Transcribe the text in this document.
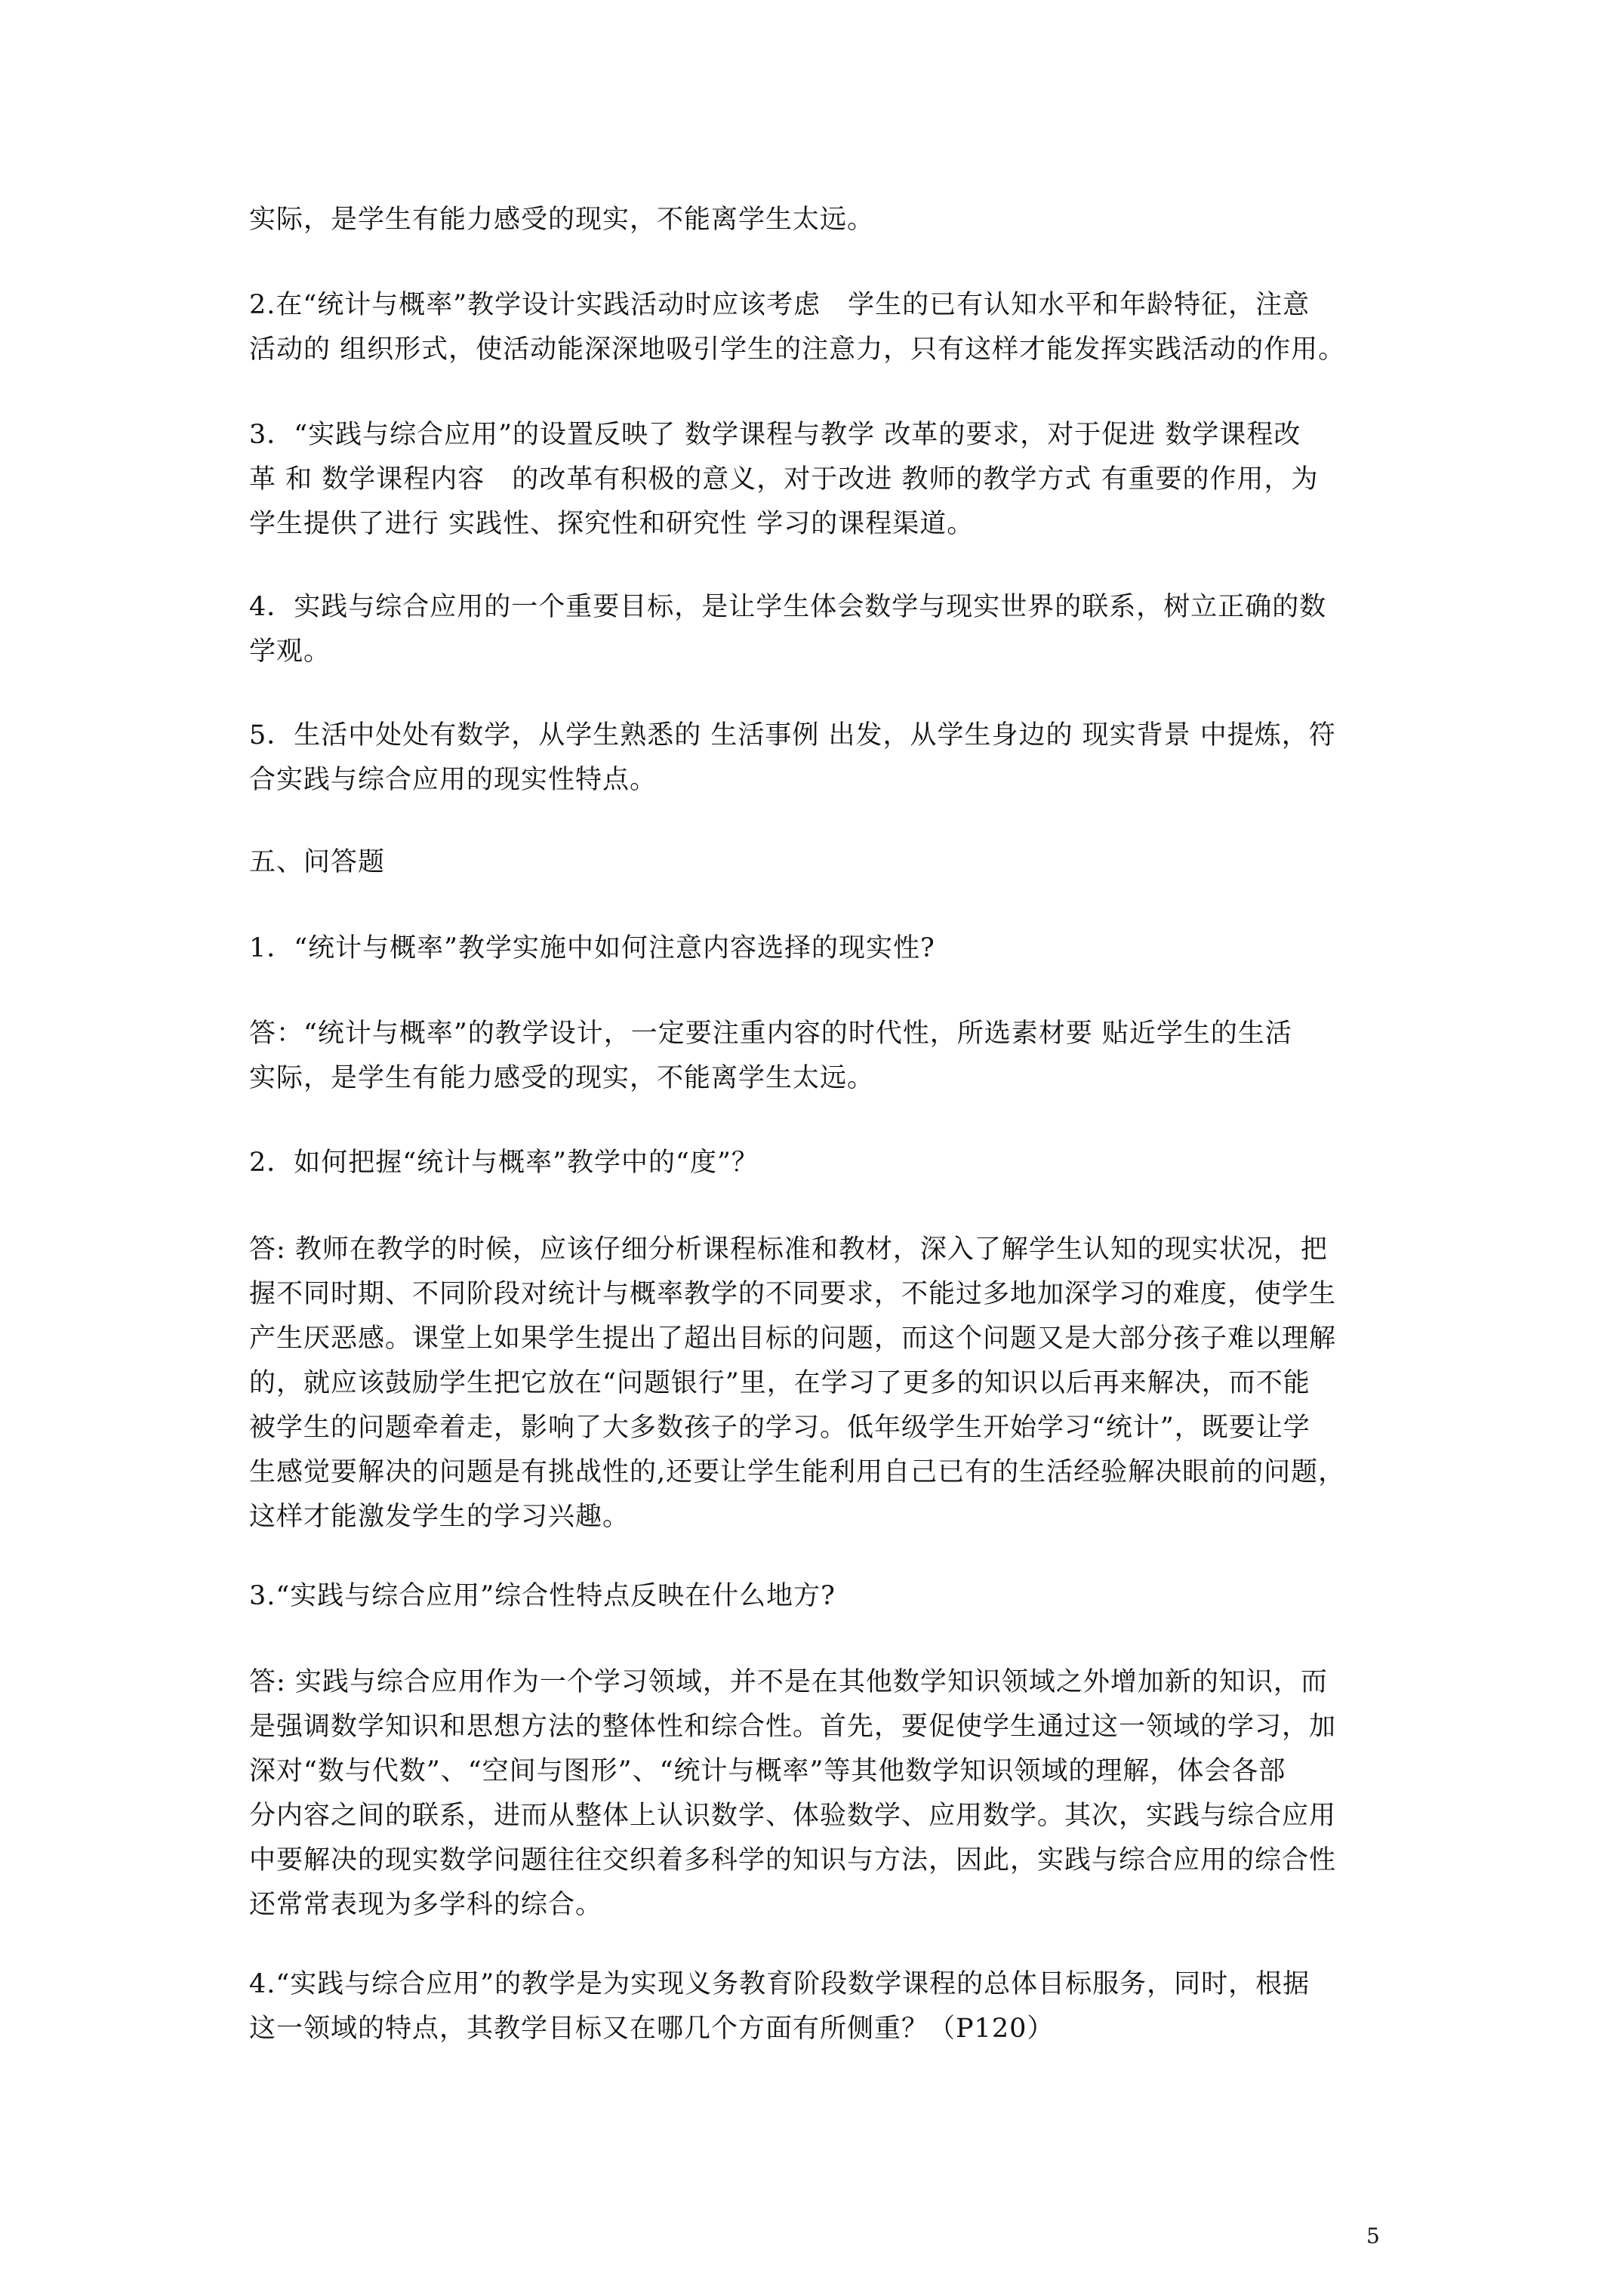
实际，是学生有能力感受的现实，不能离学生太远。
2.在“统计与概率”教学设计实践活动时应该考虑　学生的已有认知水平和年龄特征，注意
活动的 组织形式，使活动能深深地吸引学生的注意力，只有这样才能发挥实践活动的作用。
3．“实践与综合应用”的设置反映了 数学课程与教学 改革的要求，对于促进 数学课程改
革 和 数学课程内容　的改革有积极的意义，对于改进 教师的教学方式 有重要的作用，为
学生提供了进行 实践性、探究性和研究性 学习的课程渠道。
4．实践与综合应用的一个重要目标，是让学生体会数学与现实世界的联系，树立正确的数
学观。
5．生活中处处有数学，从学生熟悉的 生活事例 出发，从学生身边的 现实背景 中提炼，符
合实践与综合应用的现实性特点。
五、问答题
1．“统计与概率”教学实施中如何注意内容选择的现实性?
答：“统计与概率”的教学设计，一定要注重内容的时代性，所选素材要 贴近学生的生活
实际，是学生有能力感受的现实，不能离学生太远。
2．如何把握“统计与概率”教学中的“度”？
答: 教师在教学的时候，应该仔细分析课程标准和教材，深入了解学生认知的现实状况，把
握不同时期、不同阶段对统计与概率教学的不同要求，不能过多地加深学习的难度，使学生
产生厌恶感。课堂上如果学生提出了超出目标的问题，而这个问题又是大部分孩子难以理解
的，就应该鼓励学生把它放在“问题银行”里，在学习了更多的知识以后再来解决，而不能
被学生的问题牵着走，影响了大多数孩子的学习。低年级学生开始学习“统计”，既要让学
生感觉要解决的问题是有挑战性的,还要让学生能利用自己已有的生活经验解决眼前的问题，
这样才能激发学生的学习兴趣。
3.“实践与综合应用”综合性特点反映在什么地方?
答: 实践与综合应用作为一个学习领域，并不是在其他数学知识领域之外增加新的知识，而
是强调数学知识和思想方法的整体性和综合性。首先，要促使学生通过这一领域的学习，加
深对“数与代数”、“空间与图形”、“统计与概率”等其他数学知识领域的理解，体会各部
分内容之间的联系，进而从整体上认识数学、体验数学、应用数学。其次，实践与综合应用
中要解决的现实数学问题往往交织着多科学的知识与方法，因此，实践与综合应用的综合性
还常常表现为多学科的综合。
4.“实践与综合应用”的教学是为实现义务教育阶段数学课程的总体目标服务，同时，根据
这一领域的特点，其教学目标又在哪几个方面有所侧重？（P120）
5
